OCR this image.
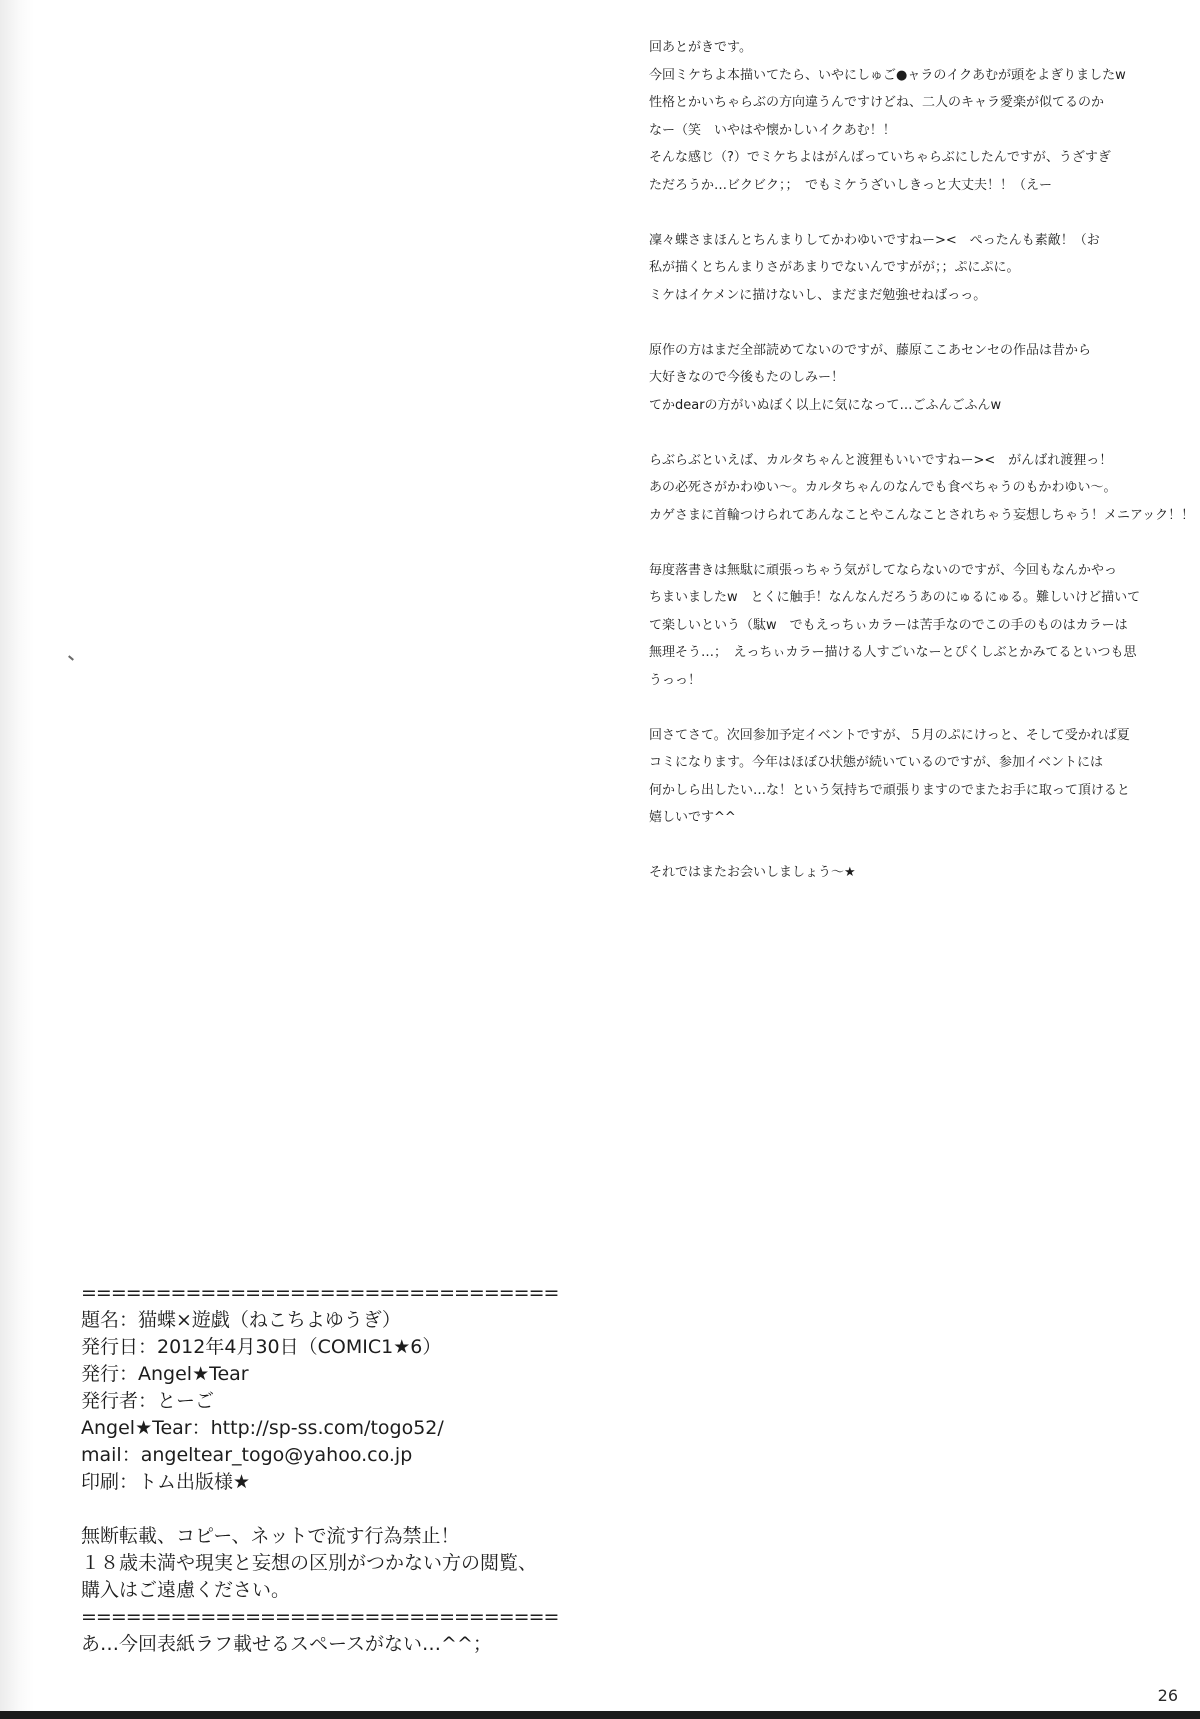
回あとがきです。
今回ミケちよ本描いてたら、いやにしゅご●ャラのイクあむが頭をよぎりましたw
性格とかいちゃらぶの方向違うんですけどね、二人のキャラ愛楽が似てるのか
なー（笑　いやはや懐かしいイクあむ！！
そんな感じ（?）でミケちよはがんばっていちゃらぶにしたんですが、うざすぎ
ただろうか…ビクビク；；　でもミケうざいしきっと大丈夫！！（えー
凜々蝶さまほんとちんまりしてかわゆいですねー><　ぺったんも素敵！（お
私が描くとちんまりさがあまりでないんですがが；；ぷにぷに。
ミケはイケメンに描けないし、まだまだ勉強せねばっっ。
原作の方はまだ全部読めてないのですが、藤原ここあセンセの作品は昔から
大好きなので今後もたのしみー！
てかdearの方がいぬぼく以上に気になって…ごふんごふんw
らぶらぶといえば、カルタちゃんと渡狸もいいですねー><　がんばれ渡狸っ！
あの必死さがかわゆい〜。カルタちゃんのなんでも食べちゃうのもかわゆい〜。
カゲさまに首輪つけられてあんなことやこんなことされちゃう妄想しちゃう！メニアック！！
毎度落書きは無駄に頑張っちゃう気がしてならないのですが、今回もなんかやっ
ちまいましたw　とくに触手！なんなんだろうあのにゅるにゅる。難しいけど描いて
て楽しいという（駄w　でもえっちぃカラーは苦手なのでこの手のものはカラーは
無理そう…；　えっちぃカラー描ける人すごいなーとぴくしぶとかみてるといつも思
うっっ！
回さてさて。次回参加予定イベントですが、５月のぷにけっと、そして受かれば夏
コミになります。今年はほぼひ状態が続いているのですが、参加イベントには
何かしら出したい…な！という気持ちで頑張りますのでまたお手に取って頂けると
嬉しいです^^
それではまたお会いしましょう〜★
================================
題名：猫蝶×遊戯（ねこちよゆうぎ）
発行日：2012年4月30日（COMIC1★6）
発行：Angel★Tear
発行者：とーご
Angel★Tear：http://sp-ss.com/togo52/
mail：angeltear_togo@yahoo.co.jp
印刷：トム出版様★
無断転載、コピー、ネットで流す行為禁止！
１８歳未満や現実と妄想の区別がつかない方の閲覧、
購入はご遠慮ください。
================================
あ…今回表紙ラフ載せるスペースがない…^^；
26
